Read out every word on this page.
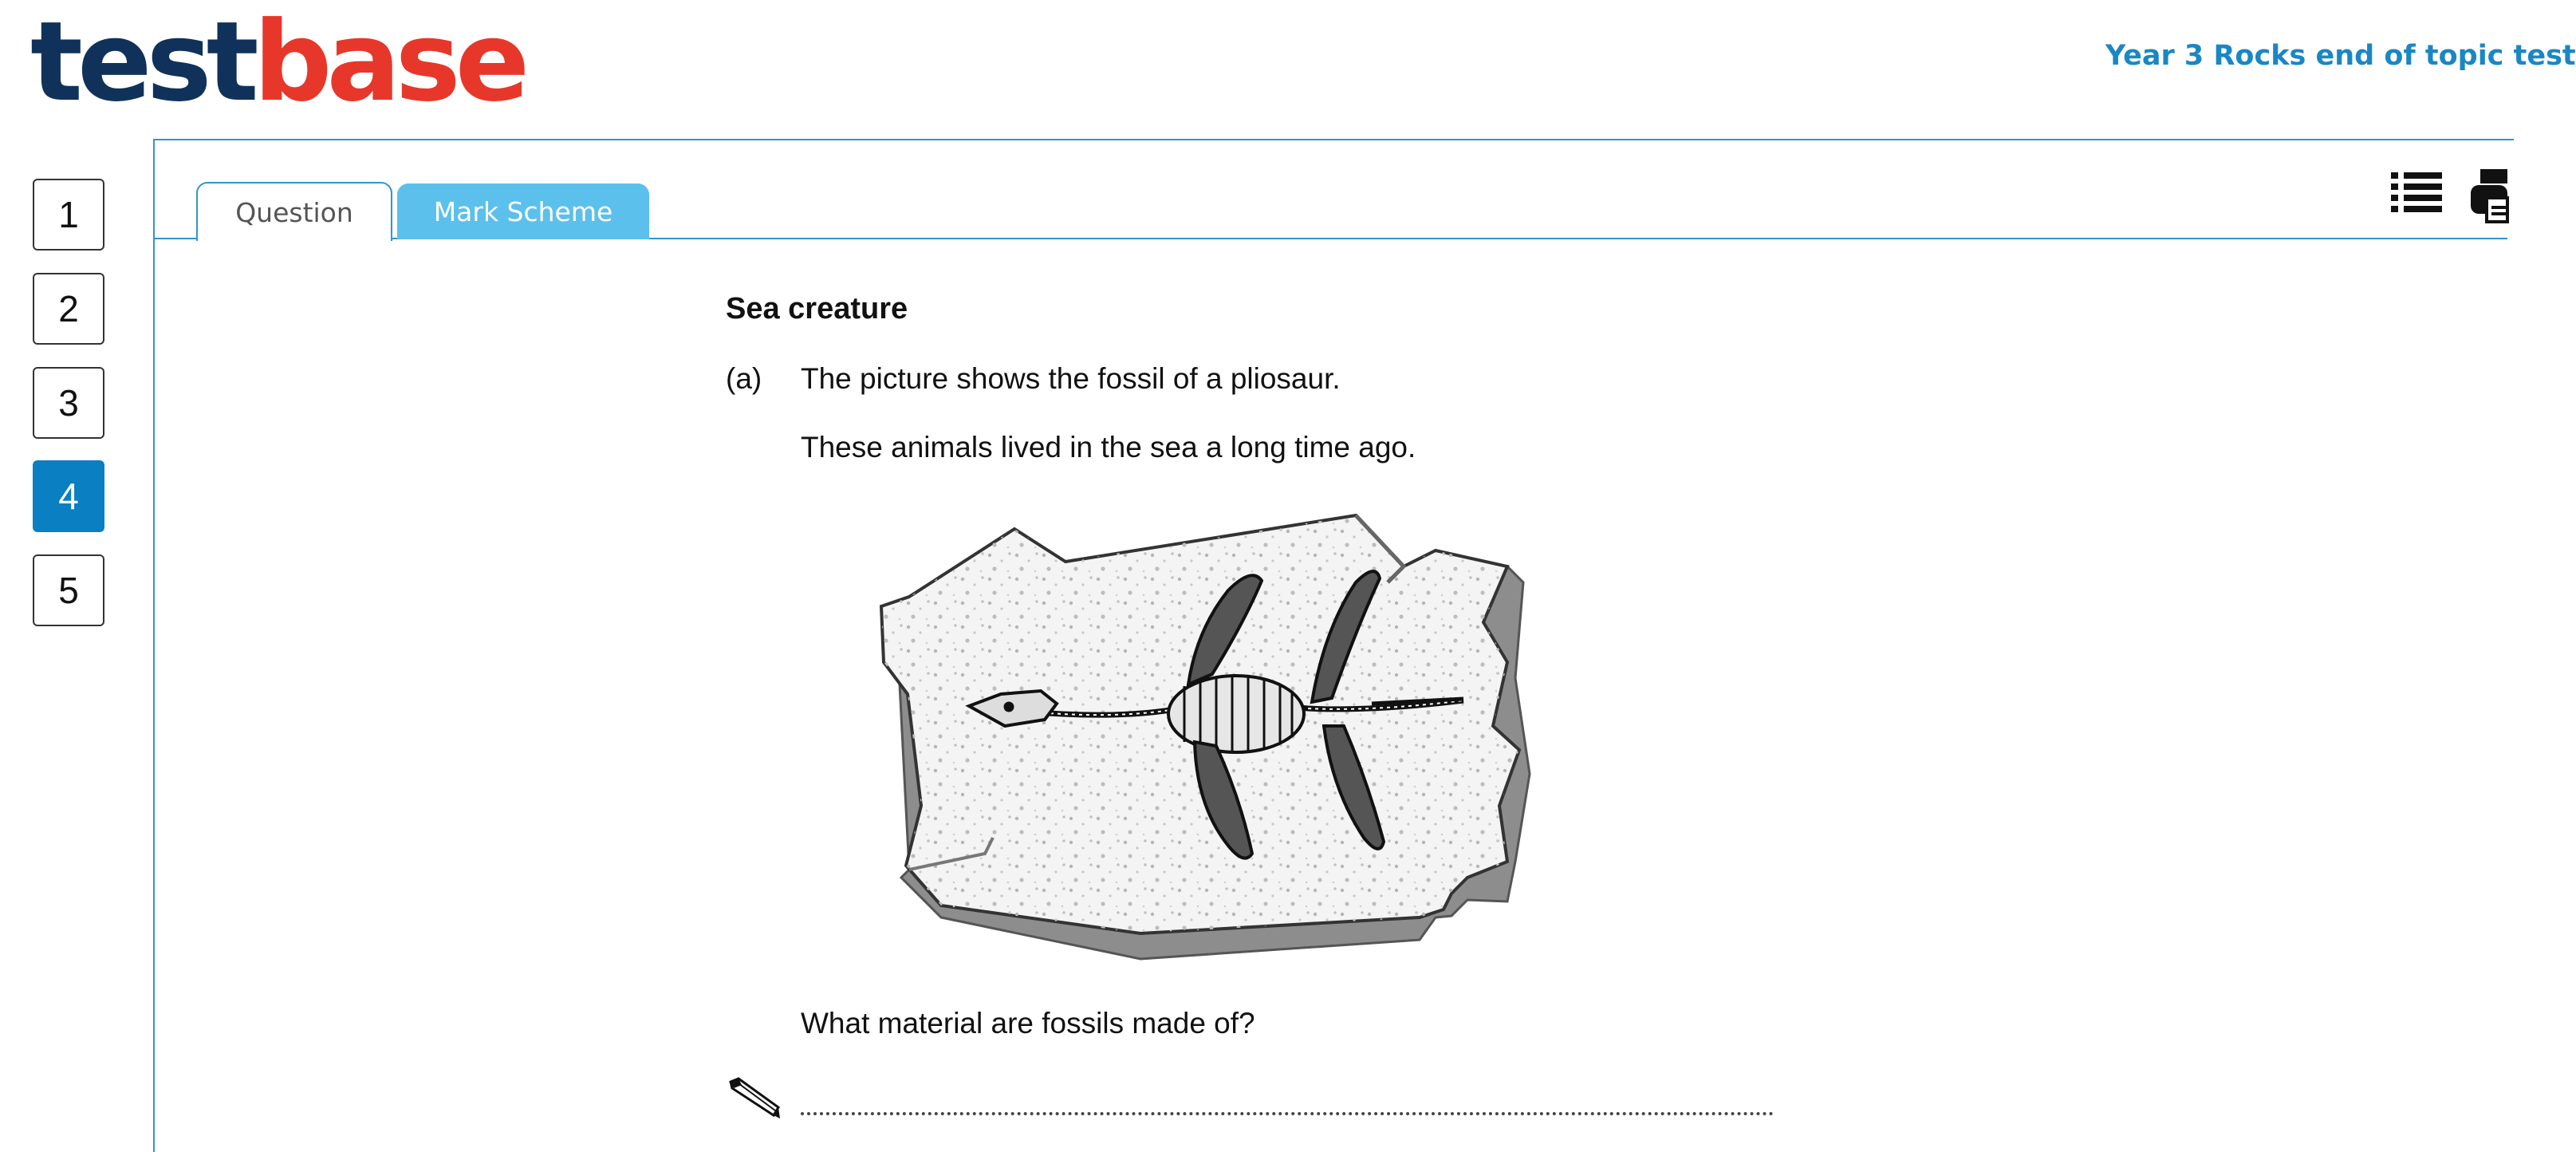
testbase	Year 3 Rocks end of topic test
1
2
3
4
5
Question	Mark Scheme
Sea creature
(a) The picture shows the fossil of a pliosaur.
These animals lived in the sea a long time ago.
What material are fossils made of?
